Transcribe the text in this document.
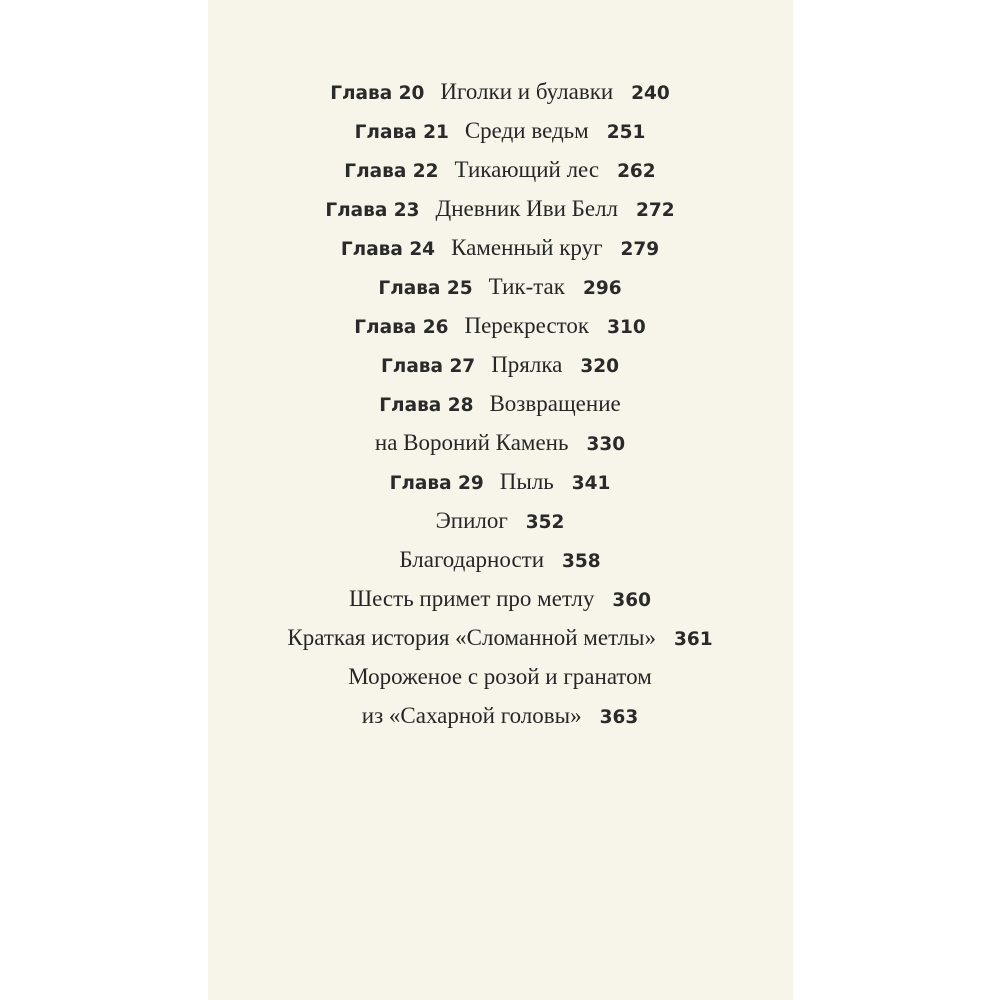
Глава 20 Иголки и булавки 240
Глава 21 Среди ведьм 251
Глава 22 Тикающий лес 262
Глава 23 Дневник Иви Белл 272
Глава 24 Каменный круг 279
Глава 25 Тик-так 296
Глава 26 Перекресток 310
Глава 27 Прялка 320
Глава 28 Возвращение
на Вороний Камень 330
Глава 29 Пыль 341
Эпилог 352
Благодарности 358
Шесть примет про метлу 360
Краткая история «Сломанной метлы» 361
Мороженое с розой и гранатом
из «Сахарной головы» 363
